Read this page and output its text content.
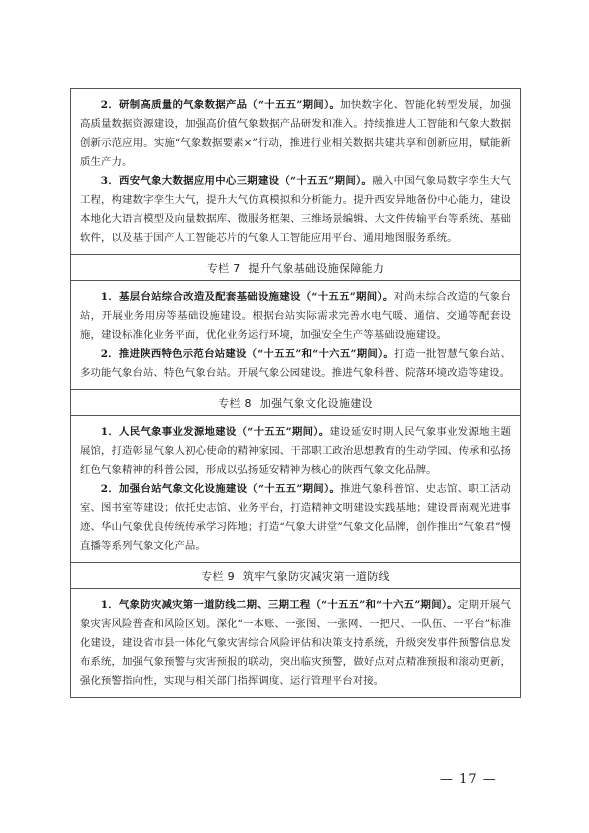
2．研制高质量的气象数据产品（“十五五”期间）。加快数字化、智能化转型发展，加强高质量数据资源建设，加强高价值气象数据产品研发和准入。持续推进人工智能和气象大数据创新示范应用。实施“气象数据要素×”行动，推进行业相关数据共建共享和创新应用，赋能新质生产力。

3．西安气象大数据应用中心三期建设（“十五五”期间）。融入中国气象局数字孪生大气工程，构建数字孪生大气，提升大气仿真模拟和分析能力。提升西安异地备份中心能力，建设本地化大语言模型及向量数据库、微服务框架、三维场景编辑、大文件传输平台等系统、基础软件，以及基于国产人工智能芯片的气象人工智能应用平台、通用地图服务系统。

专栏 7 提升气象基础设施保障能力

1．基层台站综合改造及配套基础设施建设（“十五五”期间）。对尚未综合改造的气象台站，开展业务用房等基础设施建设。根据台站实际需求完善水电气暖、通信、交通等配套设施，建设标准化业务平面，优化业务运行环境，加强安全生产等基础设施建设。

2．推进陕西特色示范台站建设（“十五五”和“十六五”期间）。打造一批智慧气象台站、多功能气象台站、特色气象台站。开展气象公园建设。推进气象科普、院落环境改造等建设。

专栏 8 加强气象文化设施建设

1．人民气象事业发源地建设（“十五五”期间）。建设延安时期人民气象事业发源地主题展馆，打造彰显气象人初心使命的精神家园、干部职工政治思想教育的生动学园、传承和弘扬红色气象精神的科普公园，形成以弘扬延安精神为核心的陕西气象文化品牌。

2．加强台站气象文化设施建设（“十五五”期间）。推进气象科普馆、史志馆、职工活动室、图书室等建设；依托史志馆、业务平台，打造精神文明建设实践基地；建设晋南观光进事迹、华山气象优良传统传承学习阵地；打造“气象大讲堂”气象文化品牌，创作推出“气象君”慢直播等系列气象文化产品。

专栏 9 筑牢气象防灾减灾第一道防线

1．气象防灾减灾第一道防线二期、三期工程（“十五五”和“十六五”期间）。定期开展气象灾害风险普查和风险区划。深化“一本账、一张图、一张网、一把尺、一队伍、一平台”标准化建设，建设省市县一体化气象灾害综合风险评估和决策支持系统，升级突发事件预警信息发布系统，加强气象预警与灾害预报的联动，突出临灾预警，做好点对点精准预报和滚动更新，强化预警指向性，实现与相关部门指挥调度、运行管理平台对接。

— 17 —
